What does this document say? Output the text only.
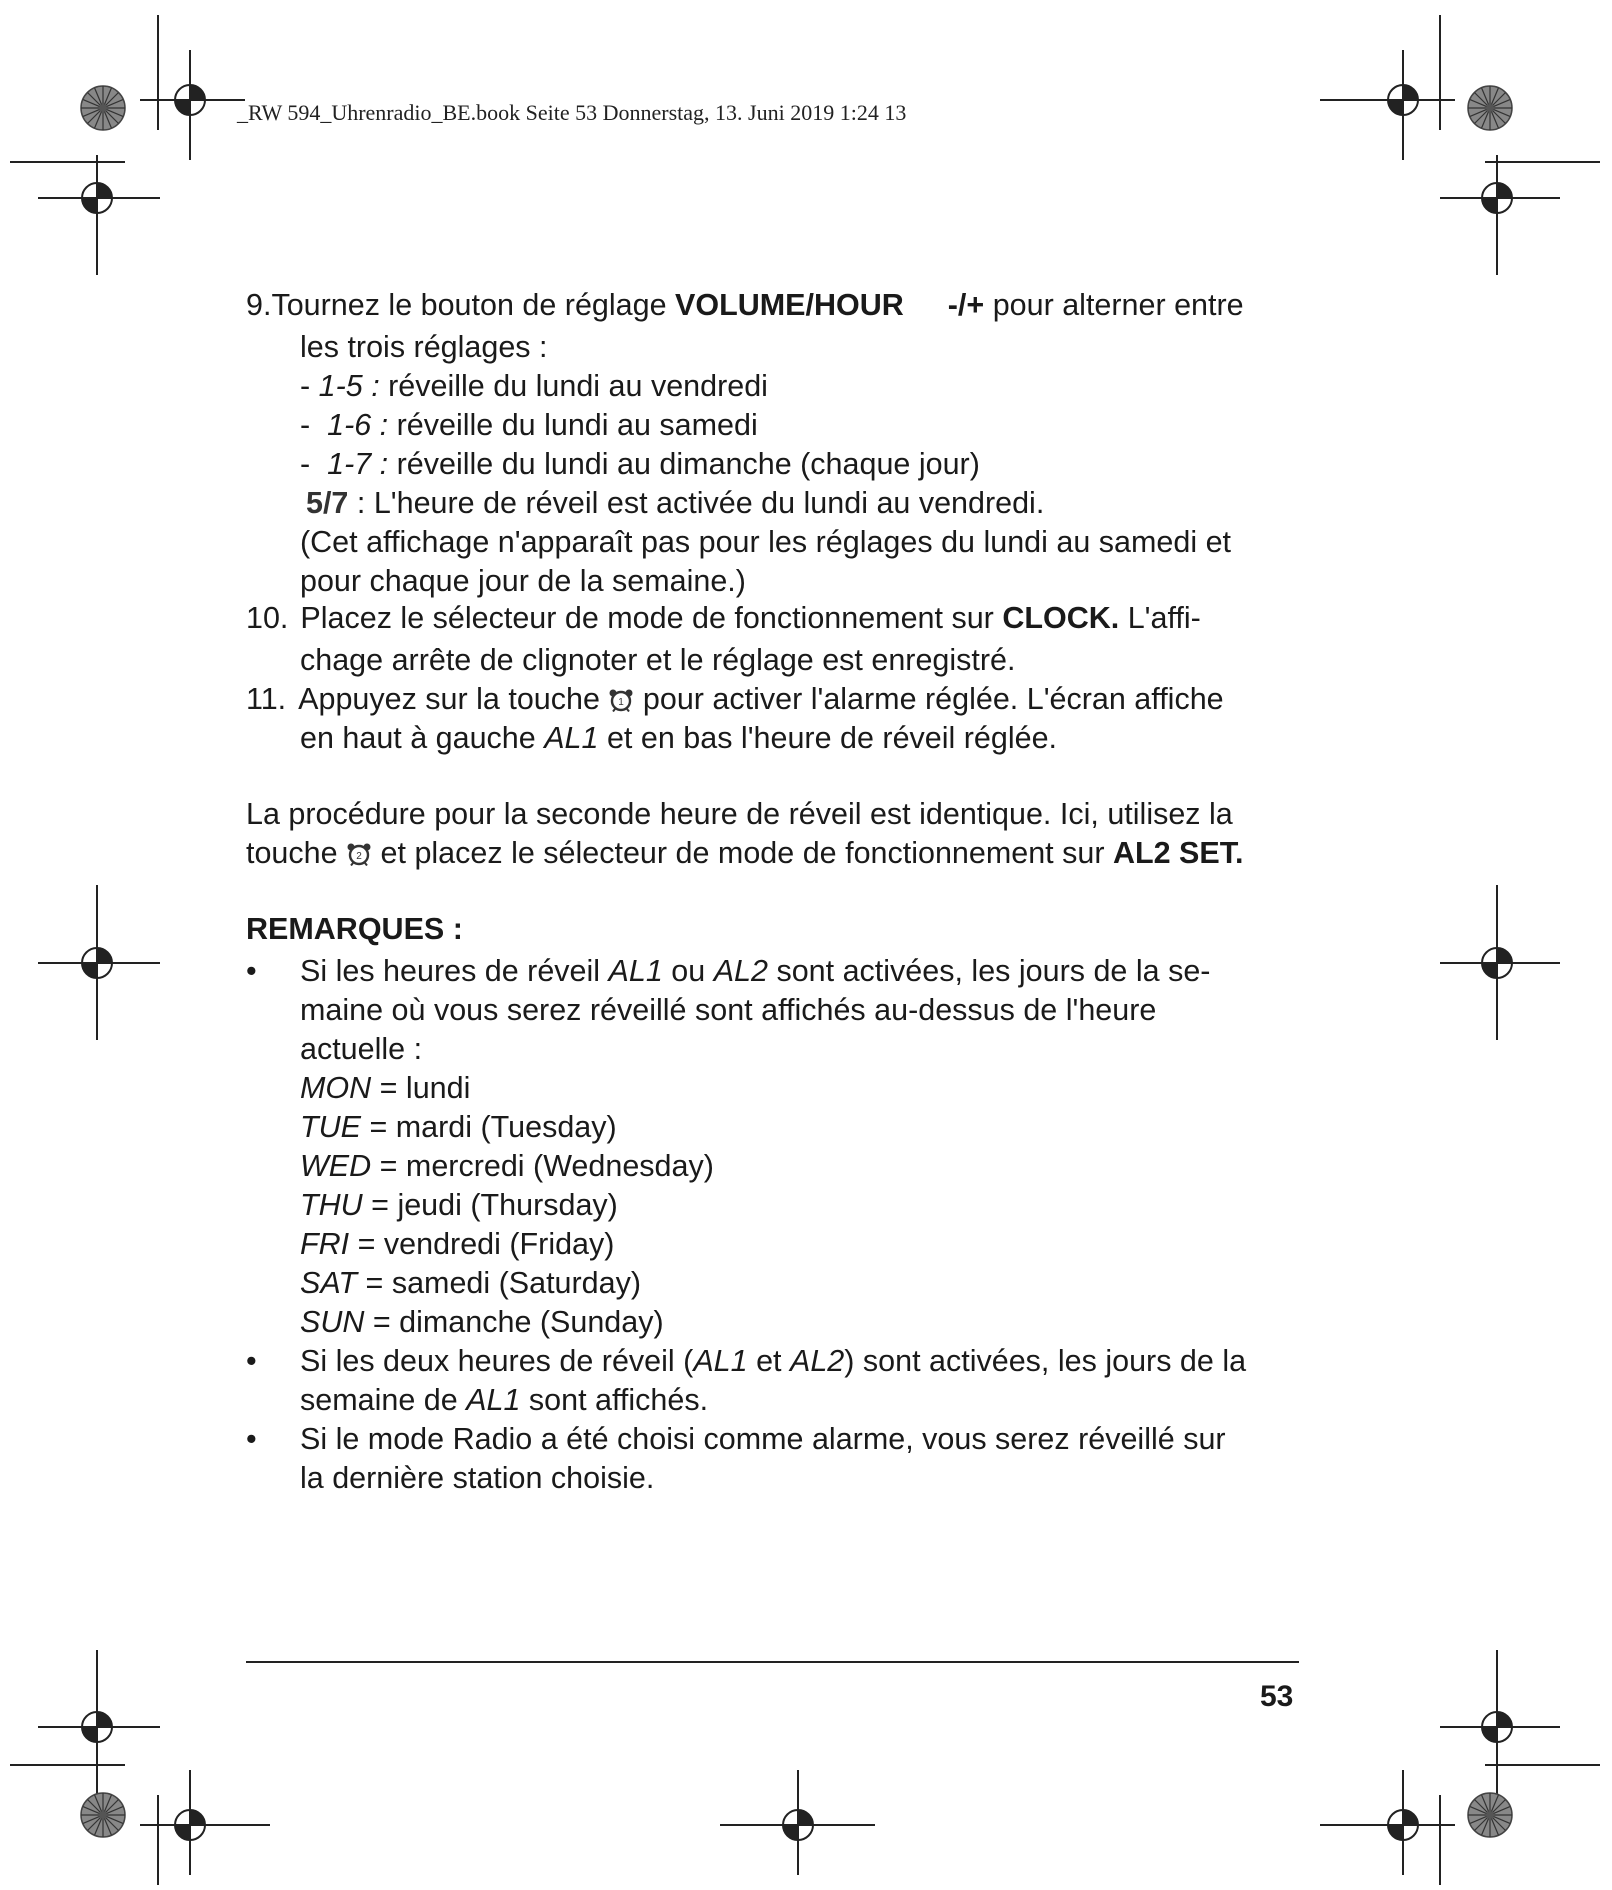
_RW 594_Uhrenradio_BE.book Seite 53 Donnerstag, 13. Juni 2019 1:24 13
9.Tournez le bouton de réglage VOLUME/HOUR -/+ pour alterner entre
les trois réglages :
- 1-5 : réveille du lundi au vendredi
-  1-6 : réveille du lundi au samedi
-  1-7 : réveille du lundi au dimanche (chaque jour)
5/7 : L'heure de réveil est activée du lundi au vendredi.
(Cet affichage n'apparaît pas pour les réglages du lundi au samedi et
pour chaque jour de la semaine.)
10. Placez le sélecteur de mode de fonctionnement sur CLOCK. L'affi-
chage arrête de clignoter et le réglage est enregistré.
11. Appuyez sur la touche 1 pour activer l'alarme réglée. L'écran affiche
en haut à gauche AL1 et en bas l'heure de réveil réglée.
La procédure pour la seconde heure de réveil est identique. Ici, utilisez la
touche 2 et placez le sélecteur de mode de fonctionnement sur AL2 SET.
REMARQUES :
• Si les heures de réveil AL1 ou AL2 sont activées, les jours de la se-
maine où vous serez réveillé sont affichés au-dessus de l'heure
actuelle :
MON = lundi
TUE = mardi (Tuesday)
WED = mercredi (Wednesday)
THU = jeudi (Thursday)
FRI = vendredi (Friday)
SAT = samedi (Saturday)
SUN = dimanche (Sunday)
• Si les deux heures de réveil (AL1 et AL2) sont activées, les jours de la
semaine de AL1 sont affichés.
• Si le mode Radio a été choisi comme alarme, vous serez réveillé sur
la dernière station choisie.
53
